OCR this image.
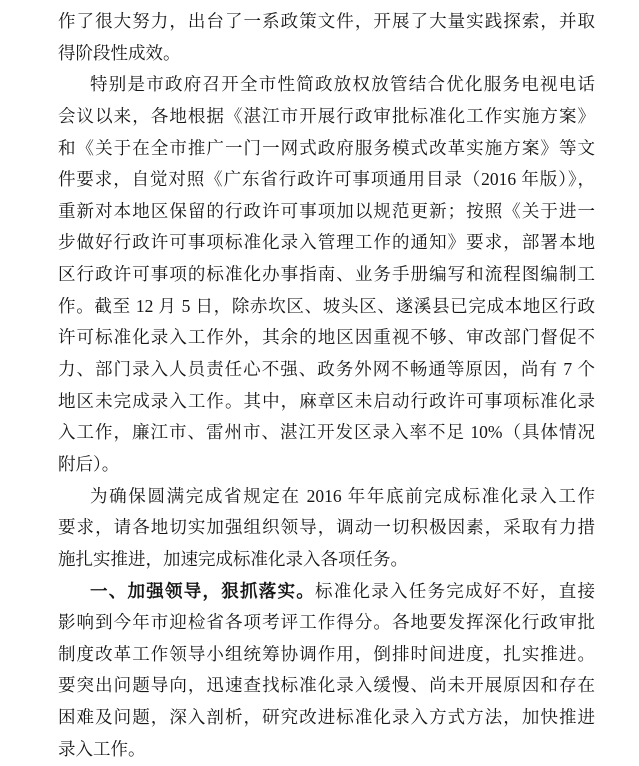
作了很大努力，出台了一系政策文件，开展了大量实践探索，并取
得阶段性成效。
特别是市政府召开全市性简政放权放管结合优化服务电视电话
会议以来，各地根据《湛江市开展行政审批标准化工作实施方案》
和《关于在全市推广一门一网式政府服务模式改革实施方案》等文
件要求，自觉对照《广东省行政许可事项通用目录（2016 年版）》，
重新对本地区保留的行政许可事项加以规范更新；按照《关于进一
步做好行政许可事项标准化录入管理工作的通知》要求，部署本地
区行政许可事项的标准化办事指南、业务手册编写和流程图编制工
作。截至 12 月 5 日，除赤坎区、坡头区、遂溪县已完成本地区行政
许可标准化录入工作外，其余的地区因重视不够、审改部门督促不
力、部门录入人员责任心不强、政务外网不畅通等原因，尚有 7 个
地区未完成录入工作。其中，麻章区未启动行政许可事项标准化录
入工作，廉江市、雷州市、湛江开发区录入率不足 10%（具体情况
附后）。
为确保圆满完成省规定在 2016 年年底前完成标准化录入工作
要求，请各地切实加强组织领导，调动一切积极因素，采取有力措
施扎实推进，加速完成标准化录入各项任务。
一、加强领导，狠抓落实。标准化录入任务完成好不好，直接
影响到今年市迎检省各项考评工作得分。各地要发挥深化行政审批
制度改革工作领导小组统筹协调作用，倒排时间进度，扎实推进。
要突出问题导向，迅速查找标准化录入缓慢、尚未开展原因和存在
困难及问题，深入剖析，研究改进标准化录入方式方法，加快推进
录入工作。
